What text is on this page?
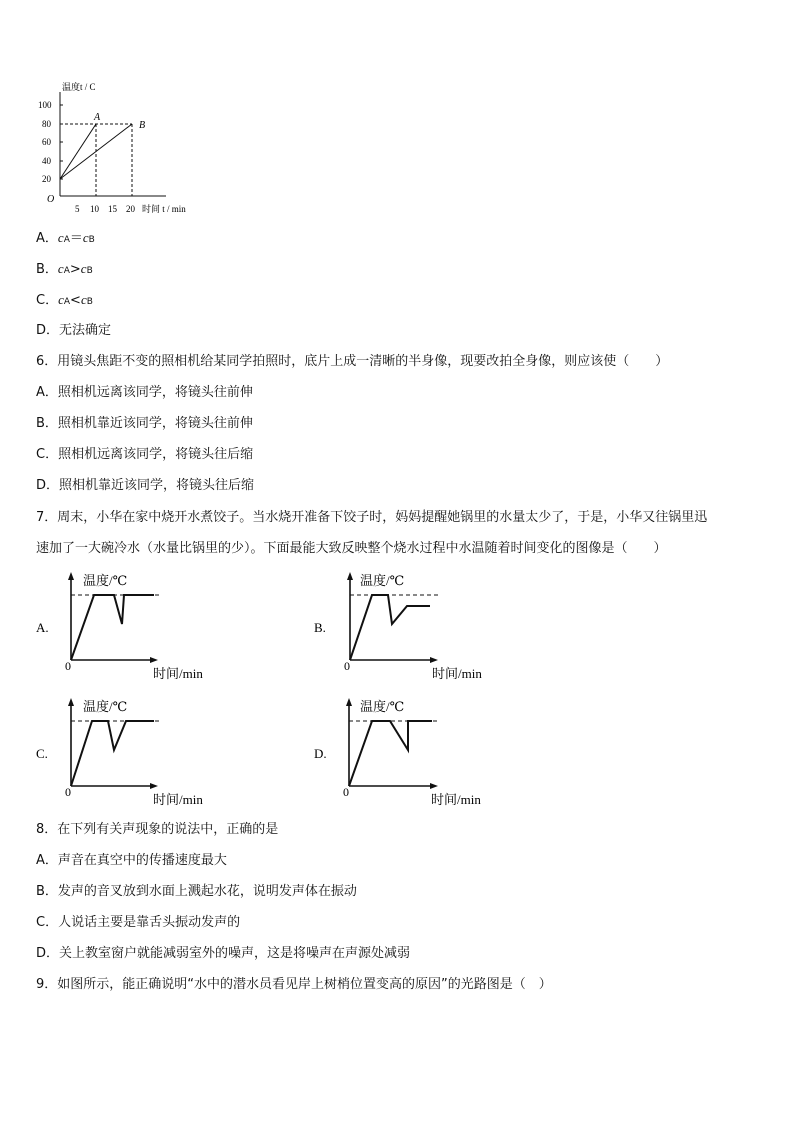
温度t / C
100
80
60
40
20
O
5 10 15 20 时间 t / min
A
B
A．cA＝cB
B．cA>cB
C．cA<cB
D．无法确定
6．用镜头焦距不变的照相机给某同学拍照时，底片上成一清晰的半身像，现要改拍全身像，则应该使（　　）
A．照相机远离该同学，将镜头往前伸
B．照相机靠近该同学，将镜头往前伸
C．照相机远离该同学，将镜头往后缩
D．照相机靠近该同学，将镜头往后缩
7．周末，小华在家中烧开水煮饺子。当水烧开准备下饺子时，妈妈提醒她锅里的水量太少了，于是，小华又往锅里迅
速加了一大碗冷水（水量比锅里的少）。下面最能大致反映整个烧水过程中水温随着时间变化的图像是（　　）
A.
温度/℃
0	时间/min
B.
温度/℃
0	时间/min
C.
温度/℃
0	时间/min
D.
温度/℃
0	时间/min
8．在下列有关声现象的说法中，正确的是
A．声音在真空中的传播速度最大
B．发声的音叉放到水面上溅起水花，说明发声体在振动
C．人说话主要是靠舌头振动发声的
D．关上教室窗户就能减弱室外的噪声，这是将噪声在声源处减弱
9．如图所示，能正确说明“水中的潜水员看见岸上树梢位置变高的原因”的光路图是（　）
